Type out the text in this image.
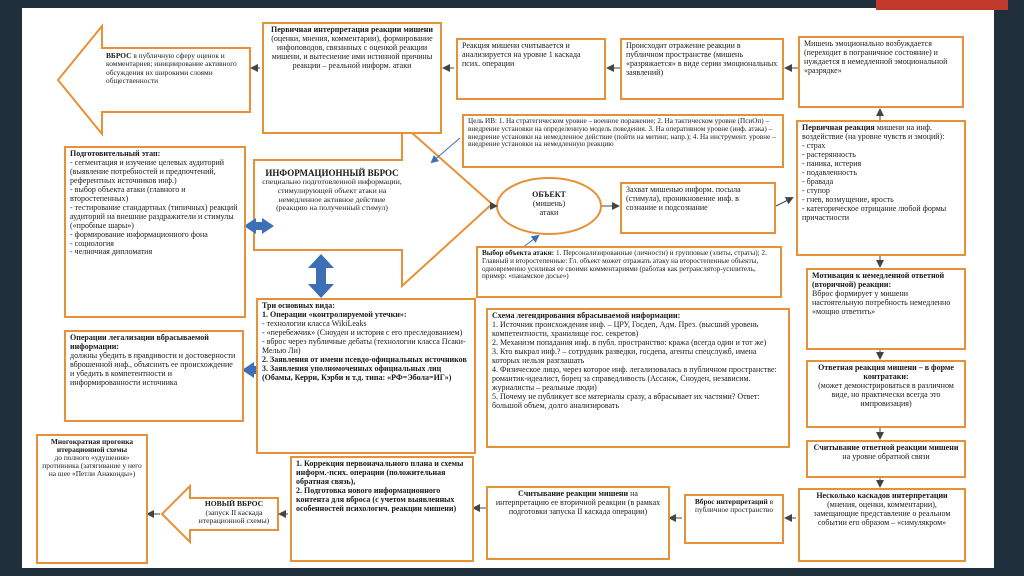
ВБРОС в публичную сферу оценок и комментариев; инициирование активного обсуждения их широкими слоями общественности

Первичная интерпретация реакции мишени (оценки, мнения, комментарии), формирование инфоповодов, связанных с оценкой реакции мишени, и вытеснение ими истинной причины реакции – реальной информ. атаки

Реакция мишени считывается и анализируется на уровне 1 каскада псих. операции

Происходит отражение реакции в публичном пространстве (мишень «разряжается» в виде серии эмоциональных заявлений)

Мишень эмоционально возбуждается (переходит в пограничное состояние) и нуждается в немедленной эмоциональной «разрядке»

Цель ИВ: 1. На стратегическом уровне – военное поражение; 2. На тактическом уровне (ПсиОп) – внедрение установки на определенную модель поведения. 3. На оперативном уровне (инф. атака) – внедрение установки на немедленное действие (пойти на митинг, напр.); 4. На инструмент. уровне – внедрение установки на немедленную реакцию

Подготовительный этап:

- сегментация и изучение целевых аудиторий (выявление потребностей и предпочтений, референтных источников инф.)

- выбор объекта атаки (главного и второстепенных)

- тестирование стандартных (типичных) реакций аудиторий на внешние раздражители и стимулы («пробные шары»)

- формирование информационного фона

- социология

- челночная дипломатия

ИНФОРМАЦИОННЫЙ ВБРОС

специально подготовленной информации, стимулирующей объект атаки на немедленное активное действие (реакцию на полученный стимул)

ОБЪЕКТ

(мишень)

атаки

Захват мишенью информ. посыла (стимула), проникновение инф. в сознание и подсознание

Первичная реакция мишени на инф. воздействие (на уровне чувств и эмоций):

- страх

- растерянность

- паника, истерия

- подавленность

- бравада

- ступор

- гнев, возмущение, ярость

- категорическое отрицание любой формы причастности

Выбор объекта атаки: 1. Персонализированные (личности) и групповые (элиты, страты); 2. Главный и второстепенные: Гл. объект может отражать атаку на второстепенные объекты, одновременно усиливая ее своими комментариями (работая как ретранслятор-усилитель, пример: «панамское досье»)	Мотивация к немедленной ответной (вторичной) реакции:

Вброс формирует у мишени настоятельную потребность немедленно «мощно ответить»

Три основных вида:

1. Операции «контролируемой утечки»:

- технологии класса WikiLeaks

- «перебежчик» (Сноуден и история с его преследованием)

- вброс через публичные дебаты (технологии класса Псаки-Мелью Ли)

2. Заявления от имени псевдо-официальных источников

3. Заявления уполномоченных официальных лиц (Обамы, Керри, Кэрби и т.д. типа: «РФ=Эбола=ИГ»)

Схема легендирования вбрасываемой информации:

1. Источник происхождения инф. – ЦРУ, Госдеп, Адм. През. (высший уровень компетентности, хранилище гос. секретов)

2. Механизм попадания инф. в публ. пространство: кража (всегда один и тот же)

3. Кто выкрал инф.? – сотрудник разведки, госдепа, агенты спецслужб, имена которых нельзя разглашать

4. Физическое лицо, через которое инф. легализовалась в публичном пространстве: романтик-идеалист, борец за справедливость (Ассанж, Сноуден, независим. журналисты – реальные люди)

5. Почему не публикует все материалы сразу, а вбрасывает их частями? Ответ: большой объем, долго анализировать

Операции легализации вбрасываемой информации:

должны убедить в правдивости и достоверности вброшенной инф., объяснить ее происхождение и убедить в компетентности и информированности источника

Ответная реакция мишени – в форме контратаки:

(может демонстрироваться в различном виде, но практически всегда это импровизация)

Считывание ответной реакции мишени на уровне обратной связи

Несколько каскадов интерпретации (мнения, оценки, комментарии), замещающие представление о реальном событии его образом – «симулякром»

Многократная прогонка итерационной схемы

до полного «удушения» противника (затягивание у него на шее «Петли Анаконды»)

НОВЫЙ ВБРОС

(запуск II каскада итерационной схемы)

1. Коррекция первоначального плана и схемы информ.-псих. операции (положительная обратная связь),

2. Подготовка нового информационного контента для вброса (с учетом выявленных особенностей психологич. реакции мишени)

Считывание реакции мишени на интерпретацию ее вторичной реакции (в рамках подготовки запуска II каскада операции)

Вброс интерпретаций в публичное пространство
